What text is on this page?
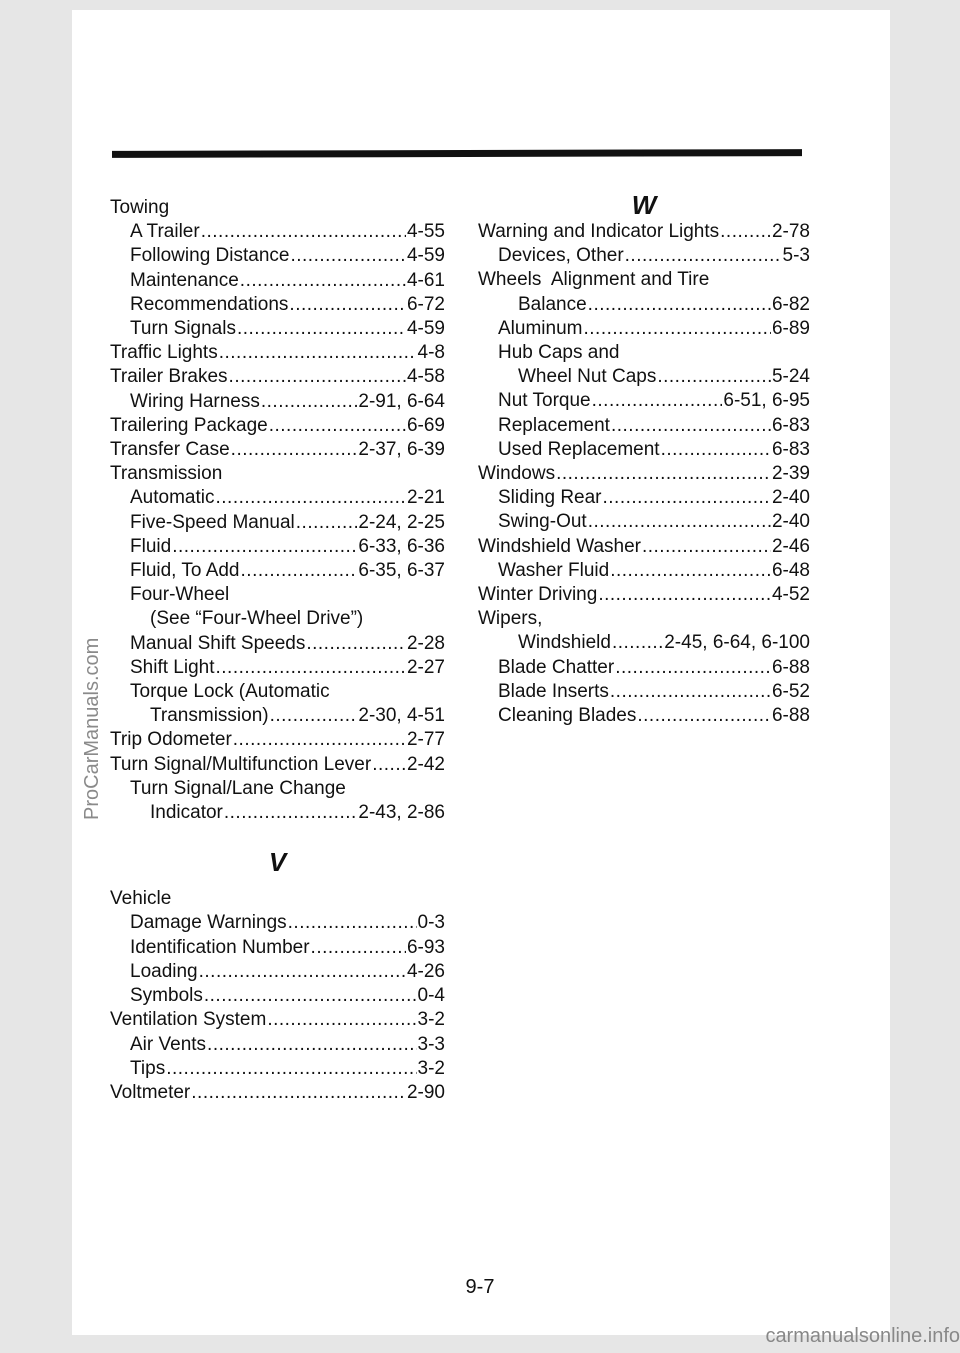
Towing
A Trailer .....	4-55
Following Distance .....	4-59
Maintenance .....	4-61
Recommendations .....	6-72
Turn Signals .....	4-59
Traffic Lights .....	4-8
Trailer Brakes .....	4-58
Wiring Harness .....	2-91, 6-64
Trailering Package .....	6-69
Transfer Case .....	2-37, 6-39
Transmission
Automatic .....	2-21
Five-Speed Manual .....	2-24, 2-25
Fluid .....	6-33, 6-36
Fluid, To Add .....	6-35, 6-37
Four-Wheel
(See “Four-Wheel Drive”)
Manual Shift Speeds .....	2-28
Shift Light .....	2-27
Torque Lock (Automatic
Transmission) .....	2-30, 4-51
Trip Odometer .....	2-77
Turn Signal/Multifunction Lever ..... 2-42
Turn Signal/Lane Change
Indicator .....	2-43, 2-86
V
Vehicle
Damage Warnings .....	0-3
Identification Number .....	6-93
Loading .....	4-26
Symbols .....	0-4
Ventilation System .....	3-2
Air Vents .....	3-3
Tips .....	3-2
Voltmeter .....	2-90
W
Warning and Indicator Lights .....	2-78
Devices, Other .....	5-3
Wheels  Alignment and Tire
Balance .....	6-82
Aluminum .....	6-89
Hub Caps and
Wheel Nut Caps .....	5-24
Nut Torque .....	6-51, 6-95
Replacement .....	6-83
Used Replacement .....	6-83
Windows .....	2-39
Sliding Rear .....	2-40
Swing-Out .....	2-40
Windshield Washer .....	2-46
Washer Fluid .....	6-48
Winter Driving .....	4-52
Wipers,
Windshield .....	2-45, 6-64, 6-100
Blade Chatter .....	6-88
Blade Inserts .....	6-52
Cleaning Blades .....	6-88
ProCarManuals.com
9-7
carmanualsonline.info
